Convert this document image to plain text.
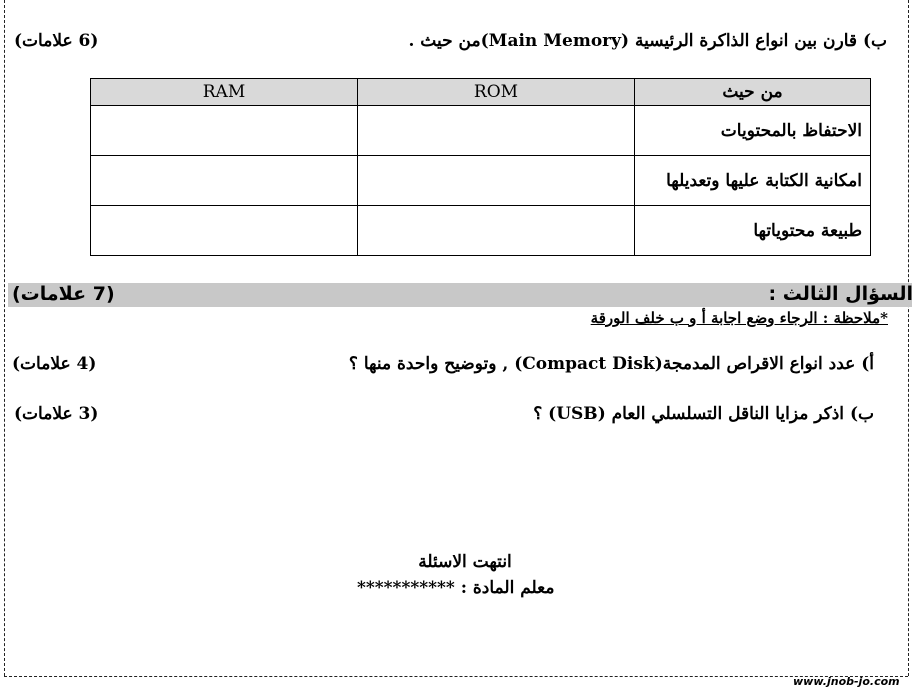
ب) قارن بين انواع الذاكرة الرئيسية (Main Memory)من حيث .
(6 علامات)
من حيث	ROM	RAM
الاحتفاظ بالمحتويات		
امكانية الكتابة عليها وتعديلها		
طبيعة محتوياتها		
السؤال الثالث :
(7 علامات)
*ملاحظة : الرجاء وضع اجابة أ و ب خلف الورقة
أ) عدد انواع الاقراص المدمجة(Compact Disk) , وتوضيح واحدة منها ؟
(4 علامات)
ب) اذكر مزايا الناقل التسلسلي العام (USB) ؟
(3 علامات)
انتهت الاسئلة
معلم المادة : ***********
www.jnob-jo.com
